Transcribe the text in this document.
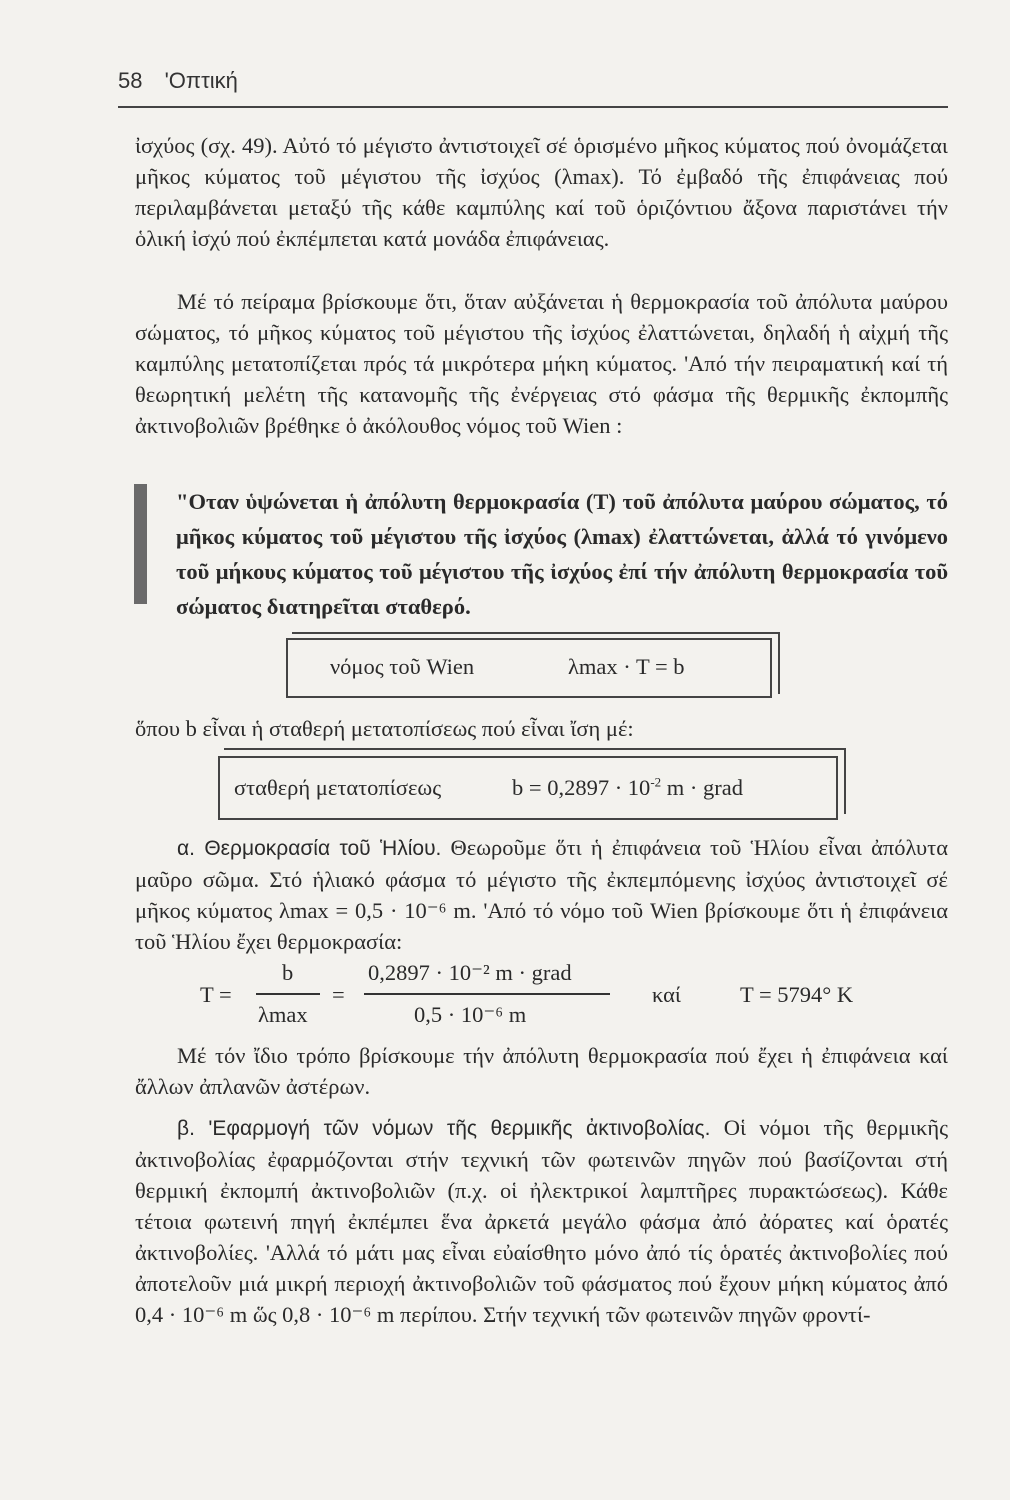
58 'Οπτική

ἰσχύος (σχ. 49). Αὐτό τό μέγιστο ἀντιστοιχεῖ σέ ὁρισμένο μῆκος κύματος πού ὀνομάζεται μῆκος κύματος τοῦ μέγιστου τῆς ἰσχύος (λmax). Τό ἐμβαδό τῆς ἐπιφάνειας πού περιλαμβάνεται μεταξύ τῆς κάθε καμπύλης καί τοῦ ὁριζόντιου ἄξονα παριστάνει τήν ὁλική ἰσχύ πού ἐκπέμπεται κατά μονάδα ἐπιφάνειας.

Μέ τό πείραμα βρίσκουμε ὅτι, ὅταν αὐξάνεται ἡ θερμοκρασία τοῦ ἀπόλυτα μαύρου σώματος, τό μῆκος κύματος τοῦ μέγιστου τῆς ἰσχύος ἐλαττώνεται, δηλαδή ἡ αἰχμή τῆς καμπύλης μετατοπίζεται πρός τά μικρότερα μήκη κύματος. 'Από τήν πειραματική καί τή θεωρητική μελέτη τῆς κατανομῆς τῆς ἐνέργειας στό φάσμα τῆς θερμικῆς ἐκπομπῆς ἀκτινοβολιῶν βρέθηκε ὁ ἀκόλουθος νόμος τοῦ Wien :

"Οταν ὑψώνεται ἡ ἀπόλυτη θερμοκρασία (Τ) τοῦ ἀπόλυτα μαύρου σώματος, τό μῆκος κύματος τοῦ μέγιστου τῆς ἰσχύος (λmax) ἐλαττώνεται, ἀλλά τό γινόμενο τοῦ μήκους κύματος τοῦ μέγιστου τῆς ἰσχύος ἐπί τήν ἀπόλυτη θερμοκρασία τοῦ σώματος διατηρεῖται σταθερό.
νόμος τοῦ Wien	λmax · T = b

ὅπου b εἶναι ἡ σταθερή μετατοπίσεως πού εἶναι ἴση μέ:

σταθερή μετατοπίσεως	$b = 0,2897 \cdot 10^{-2}$ m · grad

α. Θερμοκρασία τοῦ Ἡλίου. Θεωροῦμε ὅτι ἡ ἐπιφάνεια τοῦ Ἡλίου εἶναι ἀπόλυτα μαῦρο σῶμα. Στό ἡλιακό φάσμα τό μέγιστο τῆς ἐκπεμπόμενης ἰσχύος ἀντιστοιχεῖ σέ μῆκος κύματος λmax = 0,5 · 10⁻⁶ m. 'Από τό νόμο τοῦ Wien βρίσκουμε ὅτι ἡ ἐπιφάνεια τοῦ Ἡλίου ἔχει θερμοκρασία:

T =
b
λmax
=
0,2897 · 10⁻² m · grad
0,5 · 10⁻⁶ m
καί	T = 5794° K

Μέ τόν ἴδιο τρόπο βρίσκουμε τήν ἀπόλυτη θερμοκρασία πού ἔχει ἡ ἐπιφάνεια καί ἄλλων ἀπλανῶν ἀστέρων.

β. 'Εφαρμογή τῶν νόμων τῆς θερμικῆς ἀκτινοβολίας. Οἱ νόμοι τῆς θερμικῆς ἀκτινοβολίας ἐφαρμόζονται στήν τεχνική τῶν φωτεινῶν πηγῶν πού βασίζονται στή θερμική ἐκπομπή ἀκτινοβολιῶν (π.χ. οἱ ἠλεκτρικοί λαμπτῆρες πυρακτώσεως). Κάθε τέτοια φωτεινή πηγή ἐκπέμπει ἕνα ἀρκετά μεγάλο φάσμα ἀπό ἀόρατες καί ὁρατές ἀκτινοβολίες. 'Αλλά τό μάτι μας εἶναι εὐαίσθητο μόνο ἀπό τίς ὁρατές ἀκτινοβολίες πού ἀποτελοῦν μιά μικρή περιοχή ἀκτινοβολιῶν τοῦ φάσματος πού ἔχουν μήκη κύματος ἀπό 0,4 · 10⁻⁶ m ὥς 0,8 · 10⁻⁶ m περίπου. Στήν τεχνική τῶν φωτεινῶν πηγῶν φροντί-
